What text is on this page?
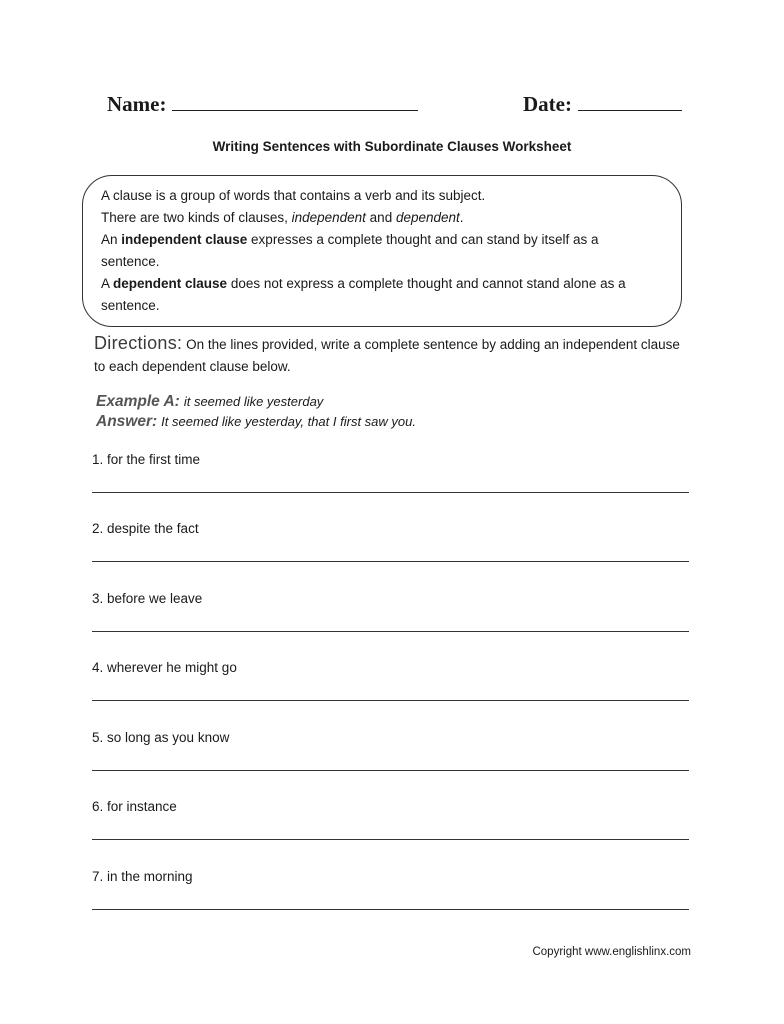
Name:	Date:
Writing Sentences with Subordinate Clauses Worksheet

A clause is a group of words that contains a verb and its subject.

There are two kinds of clauses, independent and dependent.

An independent clause expresses a complete thought and can stand by itself as a sentence.

A dependent clause does not express a complete thought and cannot stand alone as a sentence.

Directions: On the lines provided, write a complete sentence by adding an independent clause to each dependent clause below.

Example A: it seemed like yesterday

Answer: It seemed like yesterday, that I first saw you.

1. for the first time

2. despite the fact

3. before we leave

4. wherever he might go

5. so long as you know

6. for instance

7. in the morning

Copyright www.englishlinx.com
